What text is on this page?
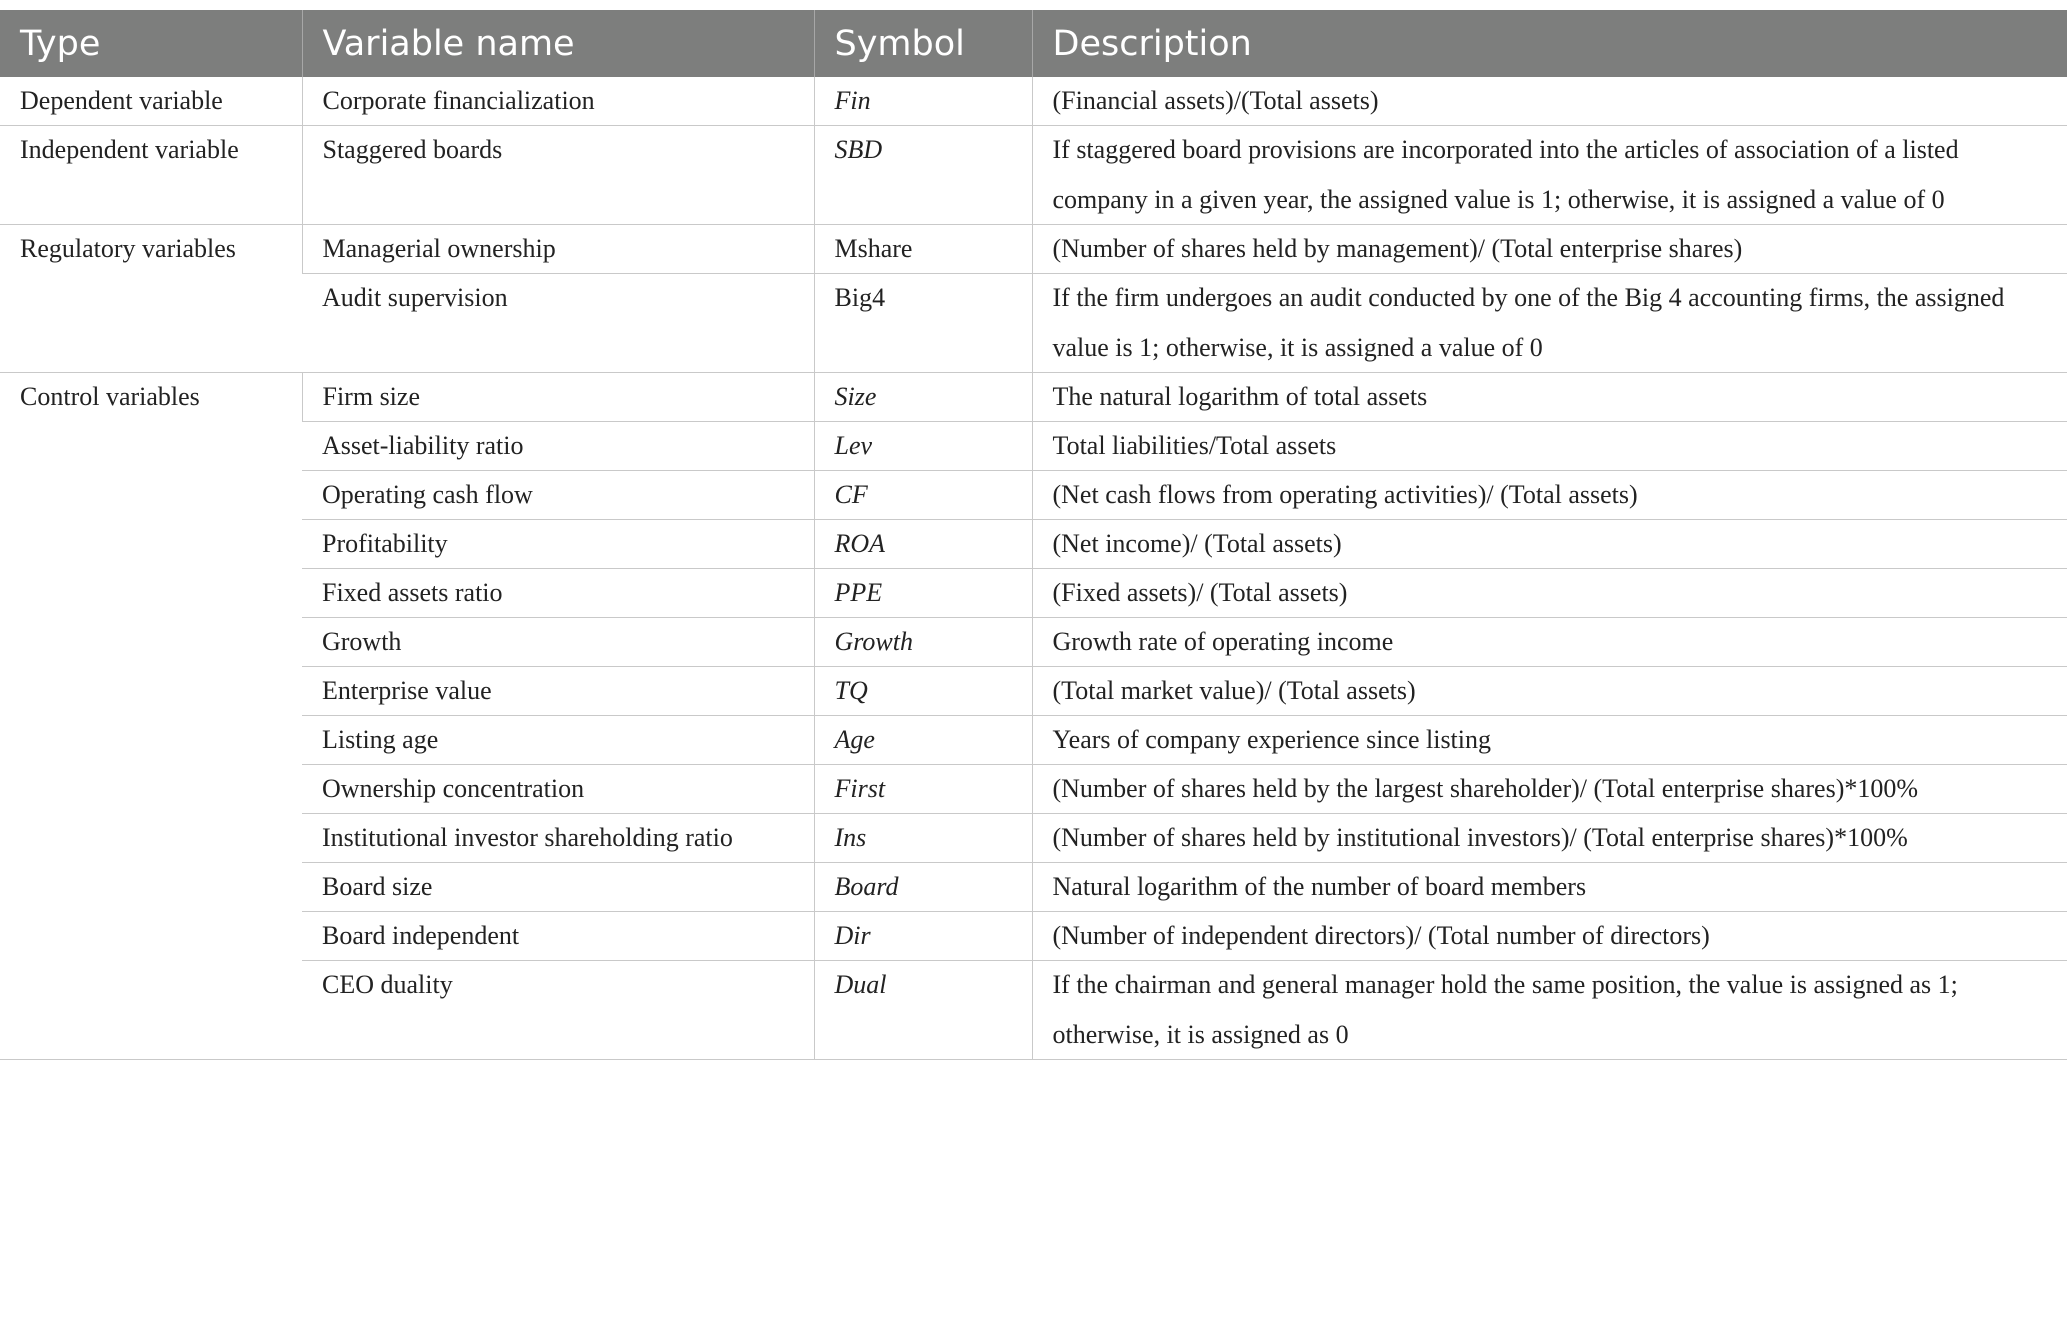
Type	Variable name	Symbol	Description

Dependent variable	Corporate financialization	Fin	(Financial assets)/(Total assets)

Independent variable	Staggered boards	SBD	If staggered board provisions are incorporated into the articles of association of a listed company in a given year, the assigned value is 1; otherwise, it is assigned a value of 0

Regulatory variables	Managerial ownership	Mshare	(Number of shares held by management)/ (Total enterprise shares)

	Audit supervision	Big4	If the firm undergoes an audit conducted by one of the Big 4 accounting firms, the assigned value is 1; otherwise, it is assigned a value of 0

Control variables	Firm size	Size	The natural logarithm of total assets

	Asset-liability ratio	Lev	Total liabilities/Total assets

	Operating cash flow	CF	(Net cash flows from operating activities)/ (Total assets)

	Profitability	ROA	(Net income)/ (Total assets)

	Fixed assets ratio	PPE	(Fixed assets)/ (Total assets)

	Growth	Growth	Growth rate of operating income

	Enterprise value	TQ	(Total market value)/ (Total assets)

	Listing age	Age	Years of company experience since listing

	Ownership concentration	First	(Number of shares held by the largest shareholder)/ (Total enterprise shares)*100%

	Institutional investor shareholding ratio	Ins	(Number of shares held by institutional investors)/ (Total enterprise shares)*100%

	Board size	Board	Natural logarithm of the number of board members

	Board independent	Dir	(Number of independent directors)/ (Total number of directors)

	CEO duality	Dual	If the chairman and general manager hold the same position, the value is assigned as 1; otherwise, it is assigned as 0
